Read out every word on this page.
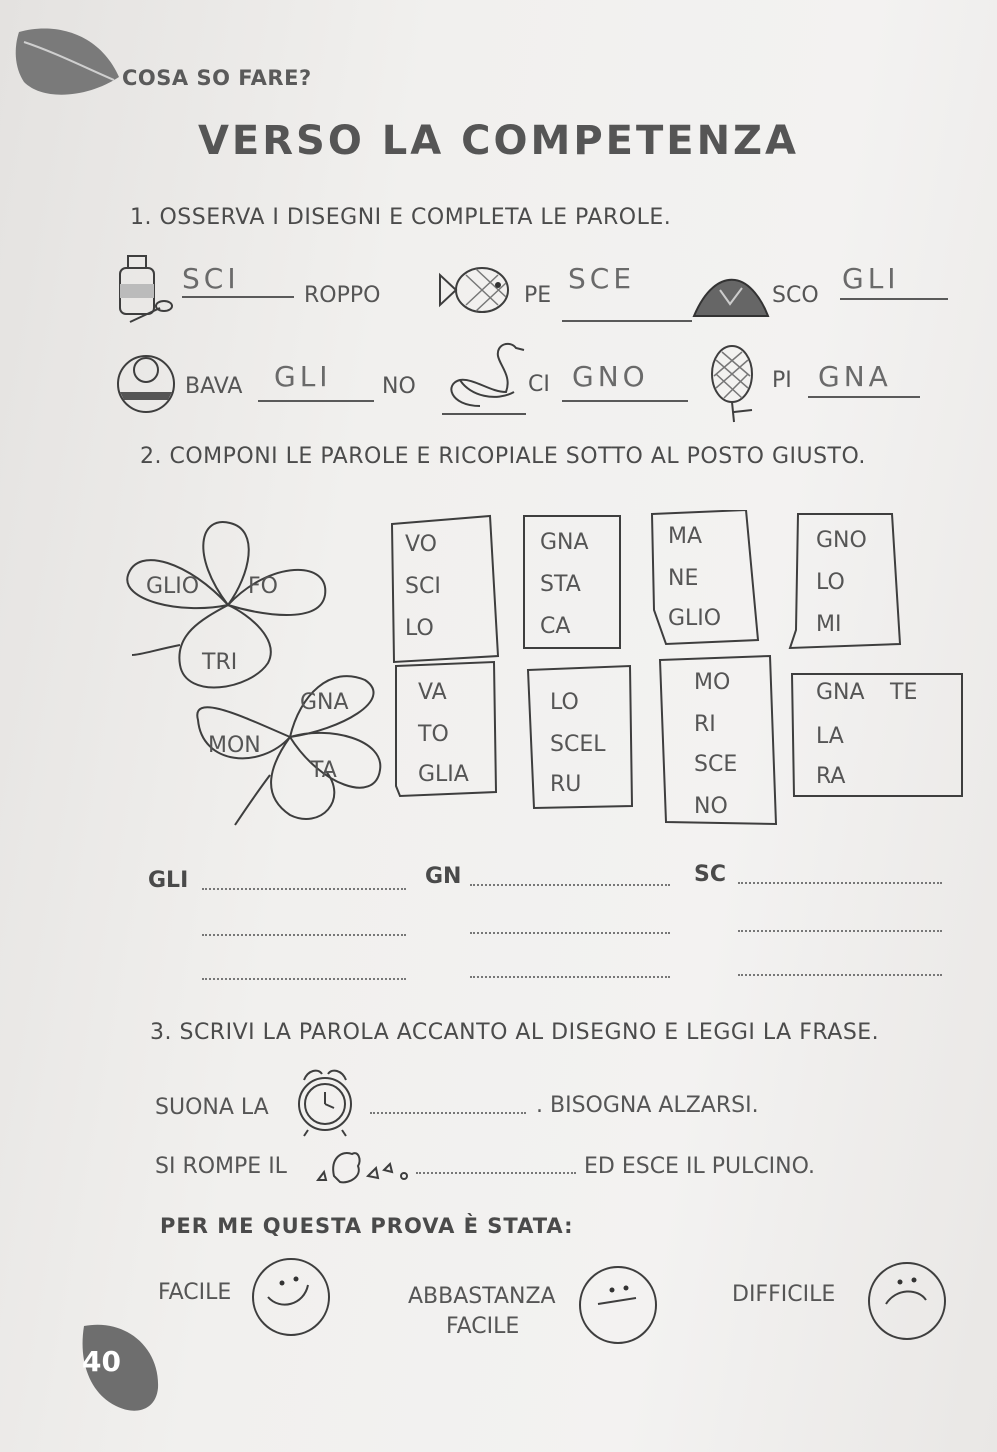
COSA SO FARE?
VERSO LA COMPETENZA
1. OSSERVA I DISEGNI E COMPLETA LE PAROLE.
SCI
ROPPO	PE
SCE
SCO
GLI
BAVA GLI NO	CI GNO	PI GNA
2. COMPONI LE PAROLE E RICOPIALE SOTTO AL POSTO GIUSTO.
GLIO FO
TRI
GNA
MON
TA
VO
SCI
LO
GNA
STA
CA
MA
NE
GLIO
GNO
LO
MI
VA
TO
GLIA
LO
SCEL
RU
MO
RI
SCE
NO
GNA TE
LA
RA
GLI	GN	SC
3. SCRIVI LA PAROLA ACCANTO AL DISEGNO E LEGGI LA FRASE.
SUONA LA	. BISOGNA ALZARSI.
SI ROMPE IL	ED ESCE IL PULCINO.
PER ME QUESTA PROVA È STATA:
FACILE	ABBASTANZA
FACILE
DIFFICILE
40
